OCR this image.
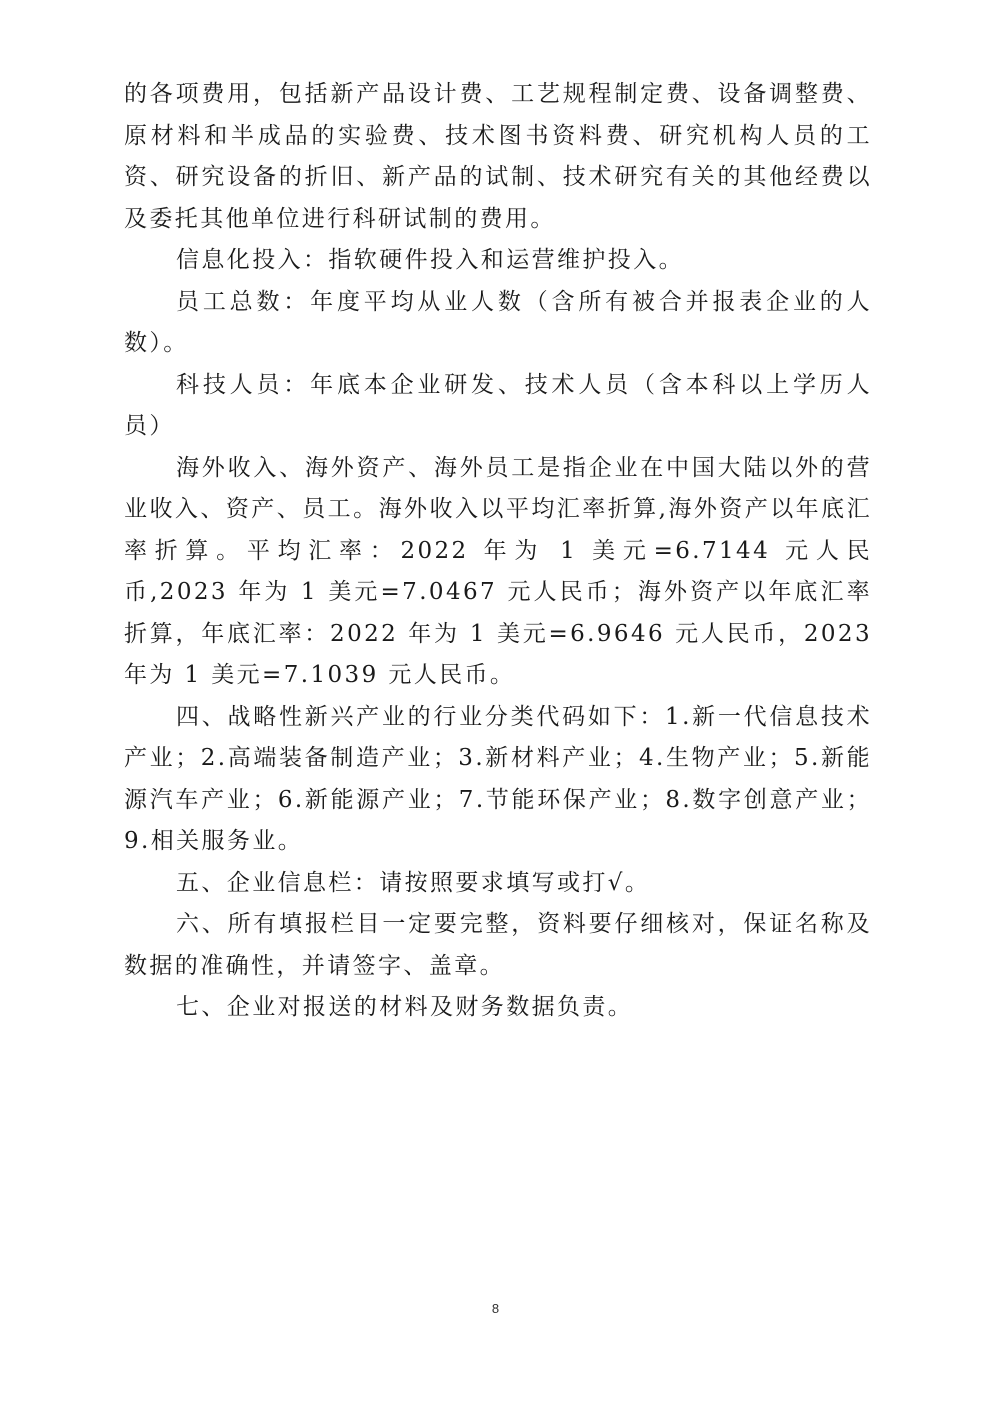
的各项费用，包括新产品设计费、工艺规程制定费、设备调整费、原材料和半成品的实验费、技术图书资料费、研究机构人员的工资、研究设备的折旧、新产品的试制、技术研究有关的其他经费以及委托其他单位进行科研试制的费用。

信息化投入：指软硬件投入和运营维护投入。

员工总数：年度平均从业人数（含所有被合并报表企业的人数）。

科技人员：年底本企业研发、技术人员（含本科以上学历人员）

海外收入、海外资产、海外员工是指企业在中国大陆以外的营业收入、资产、员工。海外收入以平均汇率折算,海外资产以年底汇率折算。平均汇率：2022 年为 1 美元=6.7144 元人民币,2023 年为 1 美元=7.0467 元人民币；海外资产以年底汇率折算，年底汇率：2022 年为 1 美元=6.9646 元人民币，2023 年为 1 美元=7.1039 元人民币。

四、战略性新兴产业的行业分类代码如下：1.新一代信息技术产业；2.高端装备制造产业；3.新材料产业；4.生物产业；5.新能源汽车产业；6.新能源产业；7.节能环保产业；8.数字创意产业；9.相关服务业。

五、企业信息栏：请按照要求填写或打√。

六、所有填报栏目一定要完整，资料要仔细核对，保证名称及数据的准确性，并请签字、盖章。

七、企业对报送的材料及财务数据负责。

8
